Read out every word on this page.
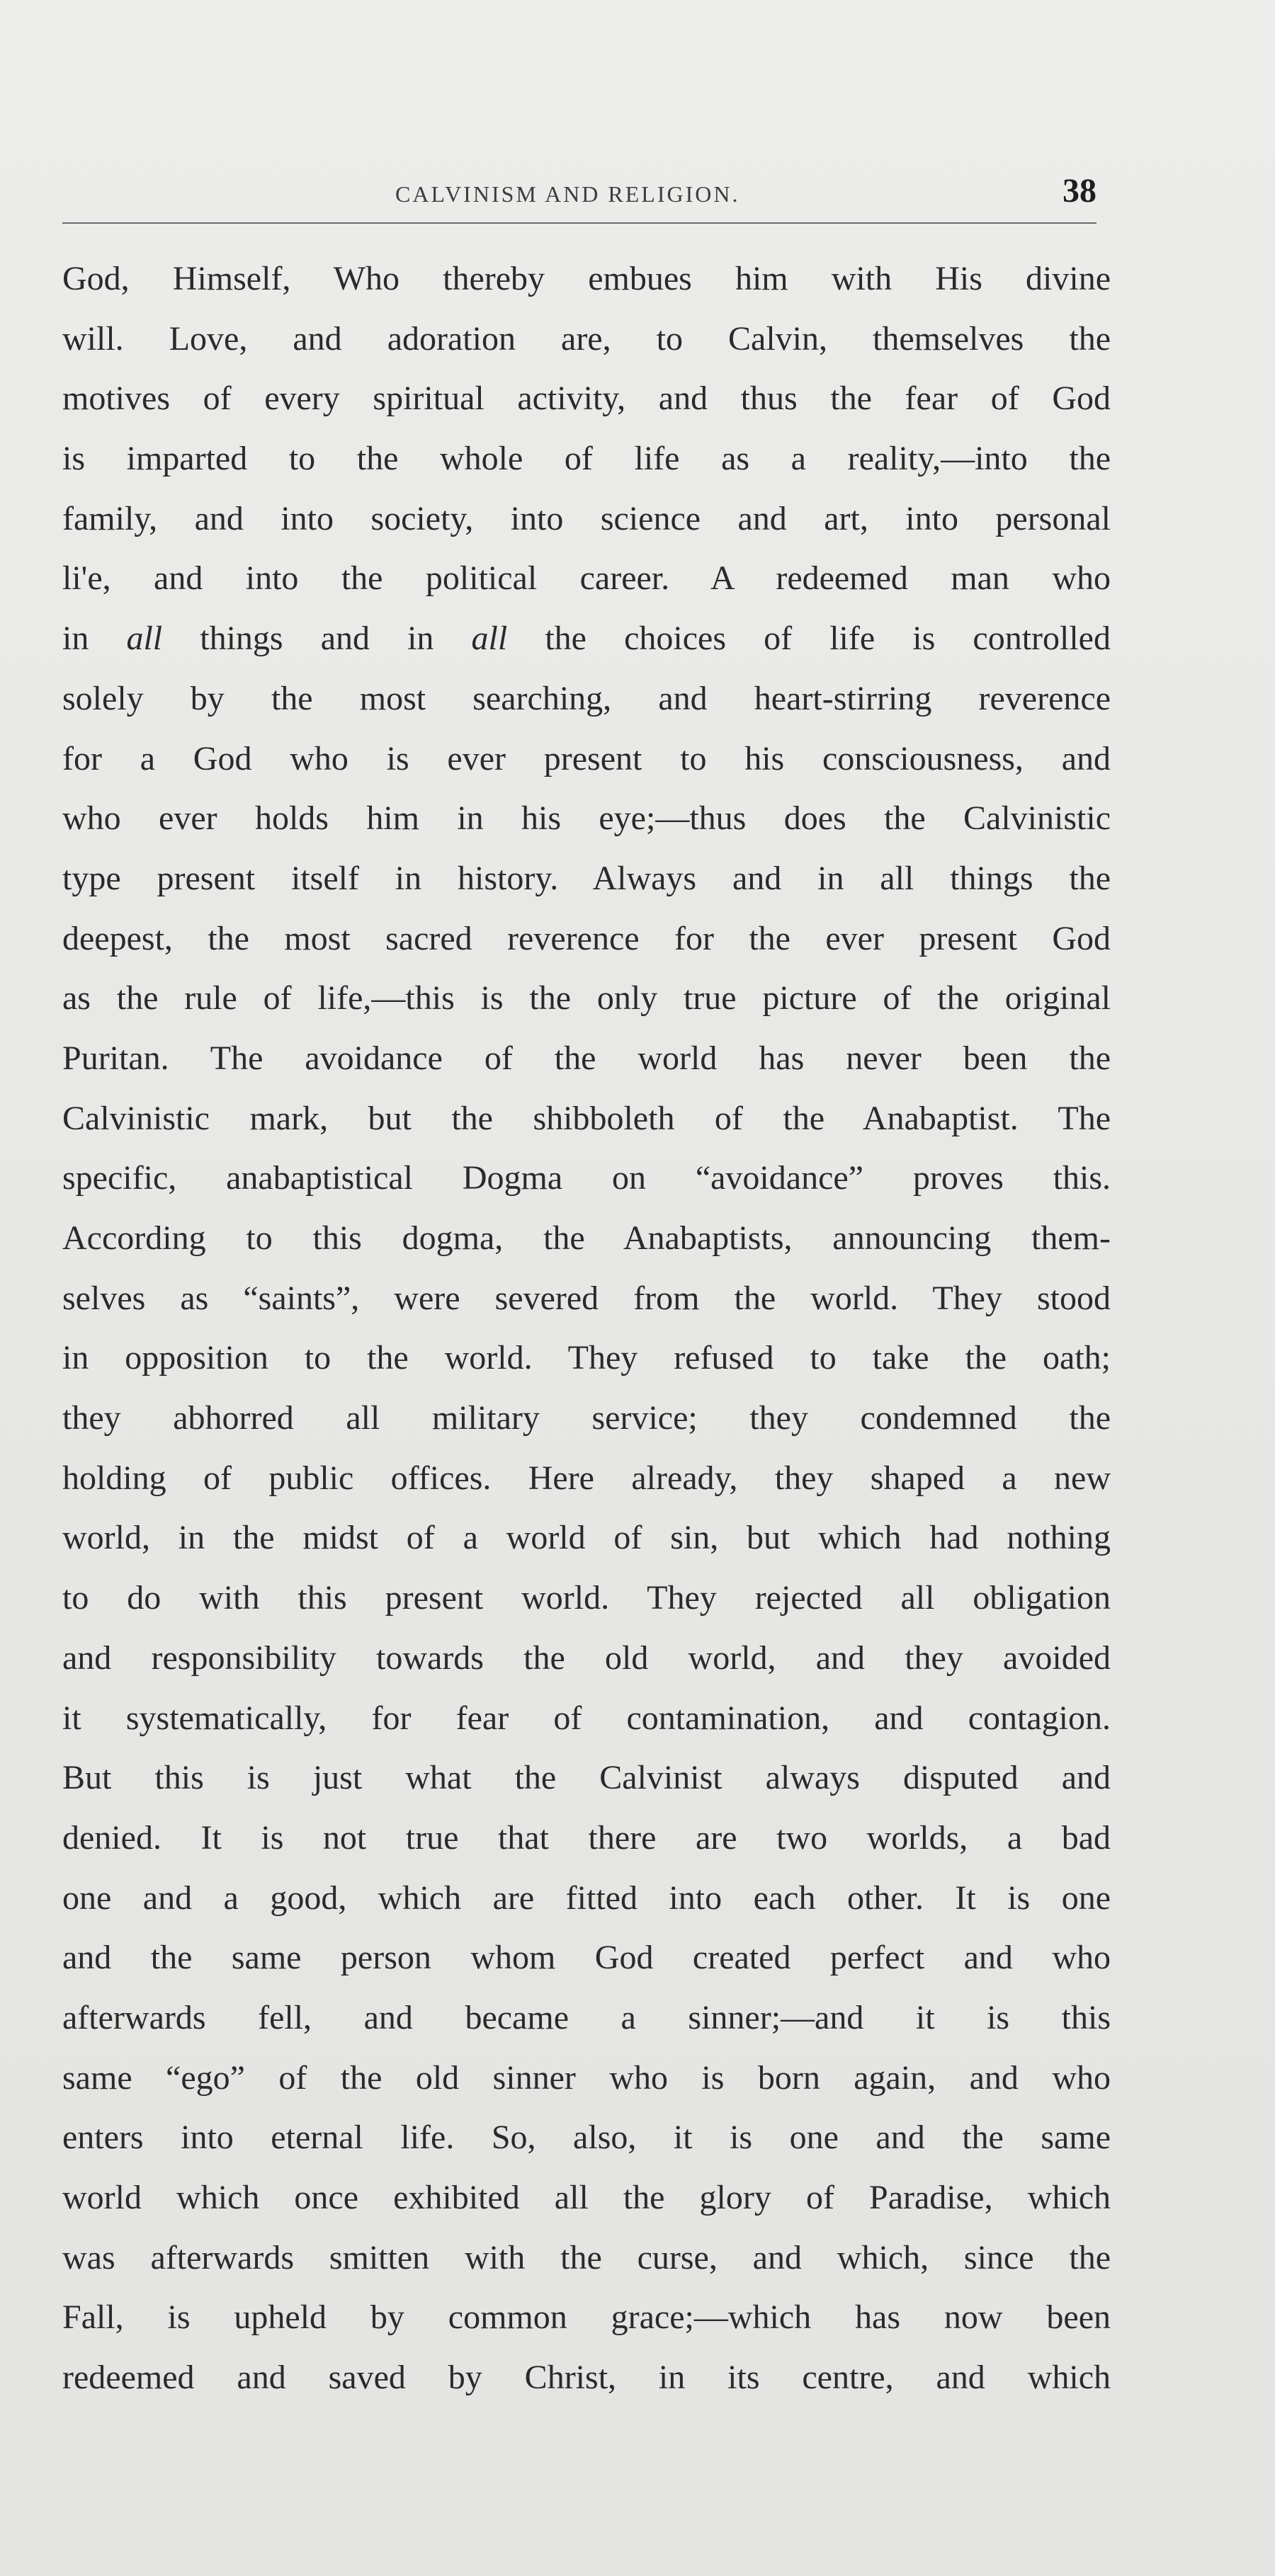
CALVINISM AND RELIGION.	38
God, Himself, Who thereby embues him with His divine
will. Love, and adoration are, to Calvin, themselves the
motives of every spiritual activity, and thus the fear of God
is imparted to the whole of life as a reality,—into the
family, and into society, into science and art, into personal
li'e, and into the political career. A redeemed man who
in all things and in all the choices of life is controlled
solely by the most searching, and heart-stirring reverence
for a God who is ever present to his consciousness, and
who ever holds him in his eye;—thus does the Calvinistic
type present itself in history. Always and in all things the
deepest, the most sacred reverence for the ever present God
as the rule of life,—this is the only true picture of the original
Puritan. The avoidance of the world has never been the
Calvinistic mark, but the shibboleth of the Anabaptist. The
specific, anabaptistical Dogma on “avoidance” proves this.
According to this dogma, the Anabaptists, announcing them-
selves as “saints”, were severed from the world. They stood
in opposition to the world. They refused to take the oath;
they abhorred all military service; they condemned the
holding of public offices. Here already, they shaped a new
world, in the midst of a world of sin, but which had nothing
to do with this present world. They rejected all obligation
and responsibility towards the old world, and they avoided
it systematically, for fear of contamination, and contagion.
But this is just what the Calvinist always disputed and
denied. It is not true that there are two worlds, a bad
one and a good, which are fitted into each other. It is one
and the same person whom God created perfect and who
afterwards fell, and became a sinner;—and it is this
same “ego” of the old sinner who is born again, and who
enters into eternal life. So, also, it is one and the same
world which once exhibited all the glory of Paradise, which
was afterwards smitten with the curse, and which, since the
Fall, is upheld by common grace;—which has now been
redeemed and saved by Christ, in its centre, and which
